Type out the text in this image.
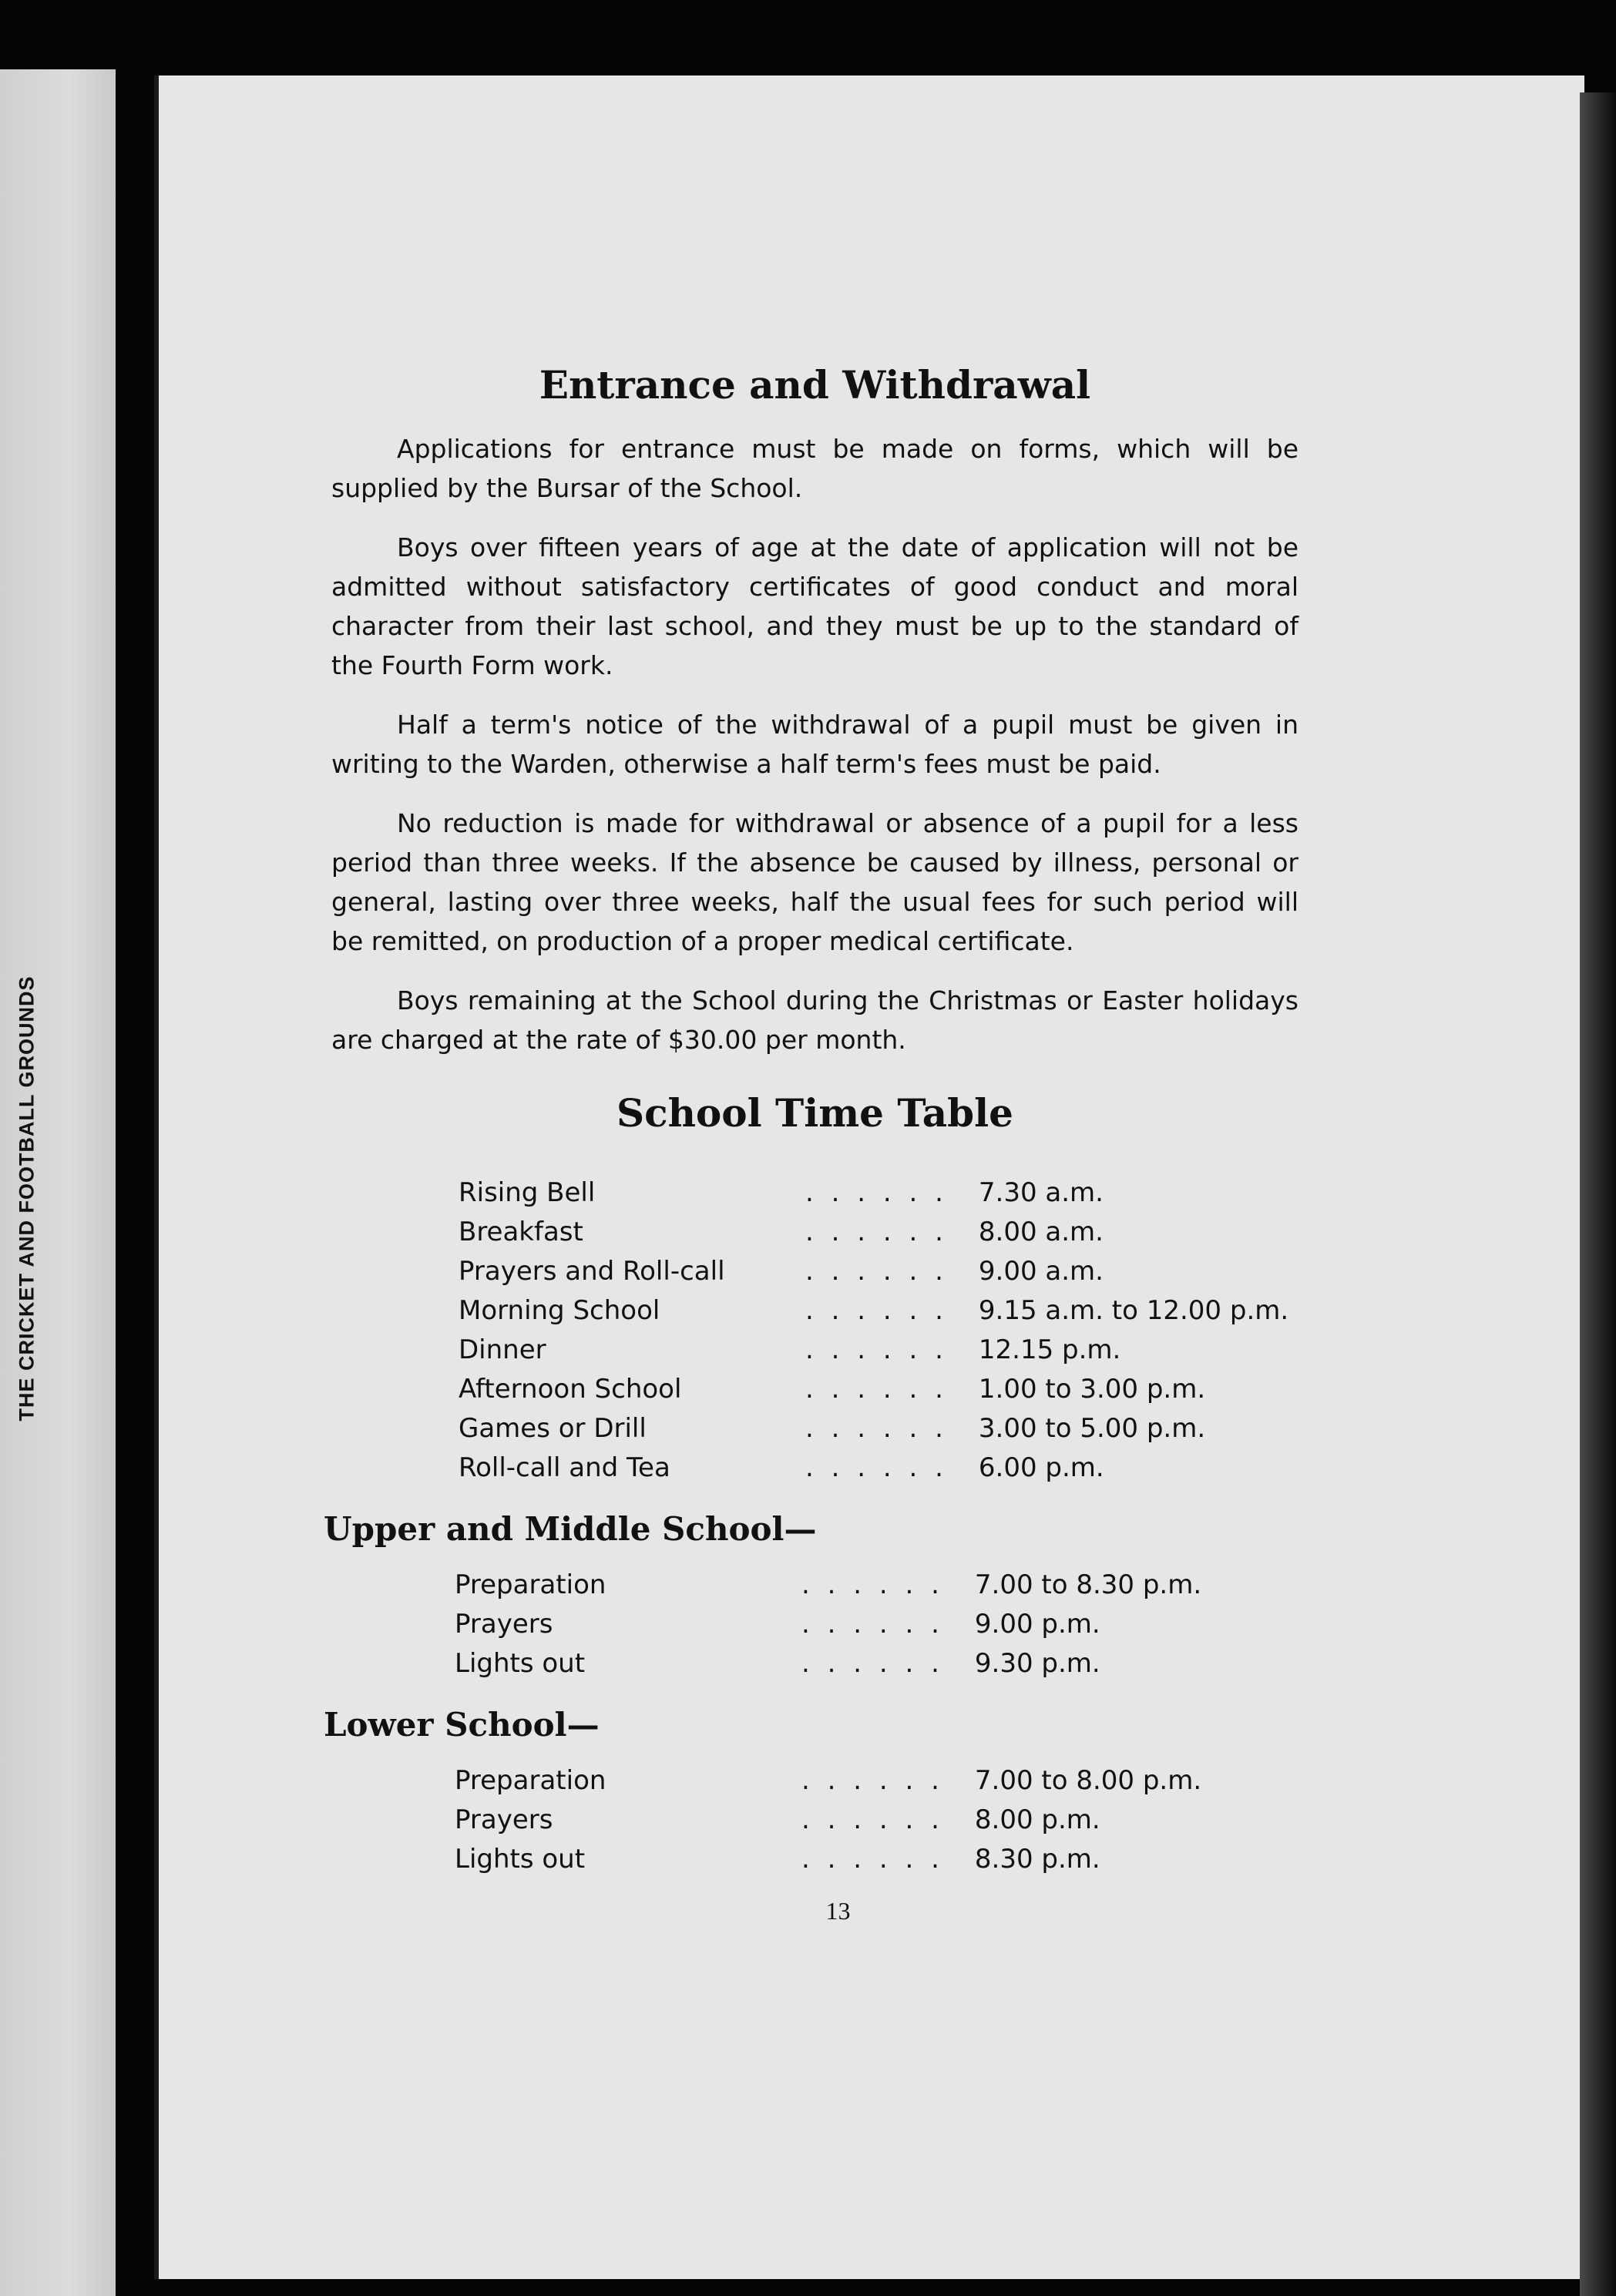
THE CRICKET AND FOOTBALL GROUNDS
Entrance and Withdrawal

Applications for entrance must be made on forms, which will be supplied by the Bursar of the School.

Boys over fifteen years of age at the date of application will not be admitted without satisfactory certificates of good conduct and moral character from their last school, and they must be up to the standard of the Fourth Form work.

Half a term's notice of the withdrawal of a pupil must be given in writing to the Warden, otherwise a half term's fees must be paid.

No reduction is made for withdrawal or absence of a pupil for a less period than three weeks. If the absence be caused by illness, personal or general, lasting over three weeks, half the usual fees for such period will be remitted, on production of a proper medical certificate.

Boys remaining at the School during the Christmas or Easter holidays are charged at the rate of $30.00 per month.

School Time Table
Rising Bell	. . . . . .	7.30 a.m.
Breakfast	. . . . . .	8.00 a.m.
Prayers and Roll-call	. . . . . .	9.00 a.m.
Morning School	. . . . . .	9.15 a.m. to 12.00 p.m.
Dinner	. . . . . .	12.15 p.m.
Afternoon School	. . . . . .	1.00 to 3.00 p.m.
Games or Drill	. . . . . .	3.00 to 5.00 p.m.
Roll-call and Tea	. . . . . .	6.00 p.m.
Upper and Middle School—
Preparation	. . . . . .	7.00 to 8.30 p.m.
Prayers	. . . . . .	9.00 p.m.
Lights out	. . . . . .	9.30 p.m.
Lower School—
Preparation	. . . . . .	7.00 to 8.00 p.m.
Prayers	. . . . . .	8.00 p.m.
Lights out	. . . . . .	8.30 p.m.
13
